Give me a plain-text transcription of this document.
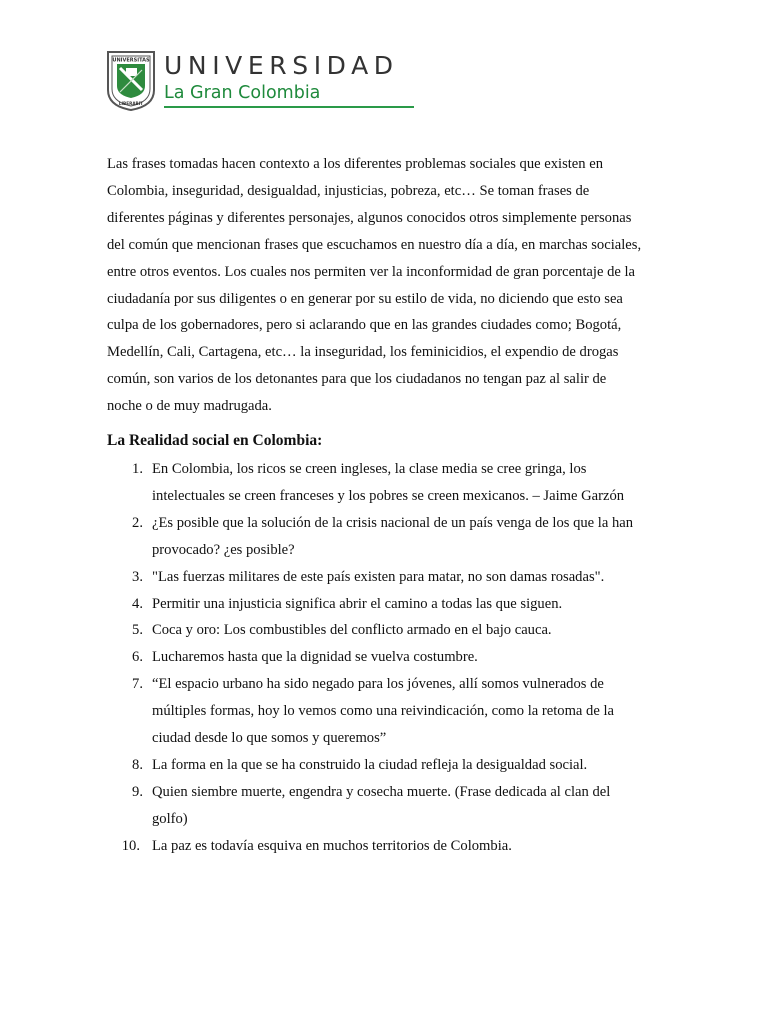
UNIVERSITAS
LIBERABIT
UNIVERSIDAD
La Gran Colombia

Las frases tomadas hacen contexto a los diferentes problemas sociales que existen en
Colombia, inseguridad, desigualdad, injusticias, pobreza, etc… Se toman frases de
diferentes páginas y diferentes personajes, algunos conocidos otros simplemente personas
del común que mencionan frases que escuchamos en nuestro día a día, en marchas sociales,
entre otros eventos. Los cuales nos permiten ver la inconformidad de gran porcentaje de la
ciudadanía por sus diligentes o en generar por su estilo de vida, no diciendo que esto sea
culpa de los gobernadores, pero si aclarando que en las grandes ciudades como; Bogotá,
Medellín, Cali, Cartagena, etc… la inseguridad, los feminicidios, el expendio de drogas
común, son varios de los detonantes para que los ciudadanos no tengan paz al salir de
noche o de muy madrugada.

La Realidad social en Colombia:
1. En Colombia, los ricos se creen ingleses, la clase media se cree gringa, los
intelectuales se creen franceses y los pobres se creen mexicanos. – Jaime Garzón
2. ¿Es posible que la solución de la crisis nacional de un país venga de los que la han
provocado? ¿es posible?
3. "Las fuerzas militares de este país existen para matar, no son damas rosadas".
4. Permitir una injusticia significa abrir el camino a todas las que siguen.
5. Coca y oro: Los combustibles del conflicto armado en el bajo cauca.
6. Lucharemos hasta que la dignidad se vuelva costumbre.
7. “El espacio urbano ha sido negado para los jóvenes, allí somos vulnerados de
múltiples formas, hoy lo vemos como una reivindicación, como la retoma de la
ciudad desde lo que somos y queremos”
8. La forma en la que se ha construido la ciudad refleja la desigualdad social.
9. Quien siembre muerte, engendra y cosecha muerte. (Frase dedicada al clan del
golfo)
10. La paz es todavía esquiva en muchos territorios de Colombia.
